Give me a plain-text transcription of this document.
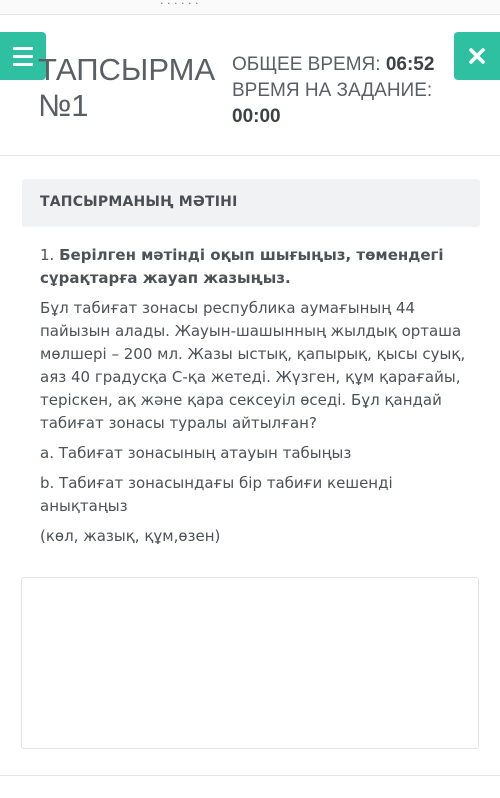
. . . . . .
ТАПСЫРМА
№1
ОБЩЕЕ ВРЕМЯ: 06:52
ВРЕМЯ НА ЗАДАНИЕ:
00:00
ТАПСЫРМАНЫҢ МӘТІНІ

1. Берілген мәтінді оқып шығыңыз, төмендегі сұрақтарға жауап жазыңыз.

Бұл табиғат зонасы республика аумағының 44 пайызын алады. Жауын-шашынның жылдық орташа мөлшері – 200 мл. Жазы ыстық, қапырық, қысы суық, аяз 40 градусқа С-қа жетеді. Жүзген, құм қарағайы, теріскен, ақ және қара сексеуіл өседі. Бұл қандай табиғат зонасы туралы айтылған?

a. Табиғат зонасының атауын табыңыз

b. Табиғат зонасындағы бір табиғи кешенді анықтаңыз

(көл, жазық, құм,өзен)
